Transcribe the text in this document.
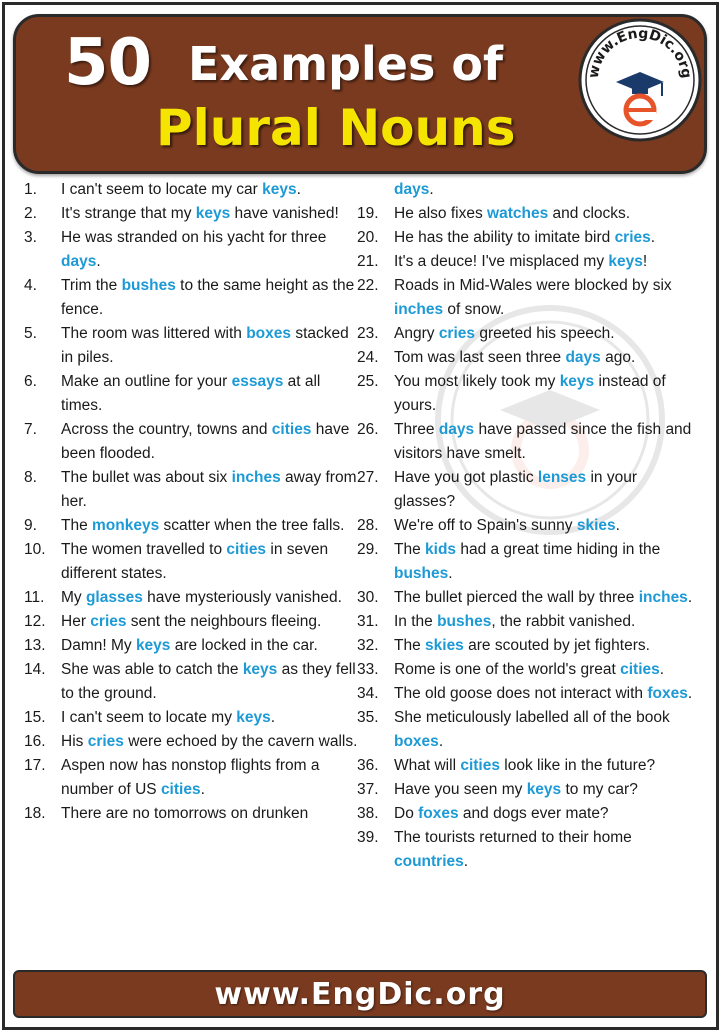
50 Examples of
Plural Nouns
www.EngDic.org
1. I can't seem to locate my car keys.
2. It's strange that my keys have vanished!
3. He was stranded on his yacht for three days.
4. Trim the bushes to the same height as the fence.
5. The room was littered with boxes stacked in piles.
6. Make an outline for your essays at all times.
7. Across the country, towns and cities have been flooded.
8. The bullet was about six inches away from her.
9. The monkeys scatter when the tree falls.
10. The women travelled to cities in seven different states.
11. My glasses have mysteriously vanished.
12. Her cries sent the neighbours fleeing.
13. Damn! My keys are locked in the car.
14. She was able to catch the keys as they fell to the ground.
15. I can't seem to locate my keys.
16. His cries were echoed by the cavern walls.
17. Aspen now has nonstop flights from a number of US cities.
18. There are no tomorrows on drunken
days.
19. He also fixes watches and clocks.
20. He has the ability to imitate bird cries.
21. It's a deuce! I've misplaced my keys!
22. Roads in Mid-Wales were blocked by six inches of snow.
23. Angry cries greeted his speech.
24. Tom was last seen three days ago.
25. You most likely took my keys instead of yours.
26. Three days have passed since the fish and visitors have smelt.
27. Have you got plastic lenses in your glasses?
28. We're off to Spain's sunny skies.
29. The kids had a great time hiding in the bushes.
30. The bullet pierced the wall by three inches.
31. In the bushes, the rabbit vanished.
32. The skies are scouted by jet fighters.
33. Rome is one of the world's great cities.
34. The old goose does not interact with foxes.
35. She meticulously labelled all of the book boxes.
36. What will cities look like in the future?
37. Have you seen my keys to my car?
38. Do foxes and dogs ever mate?
39. The tourists returned to their home countries.
www.EngDic.org
